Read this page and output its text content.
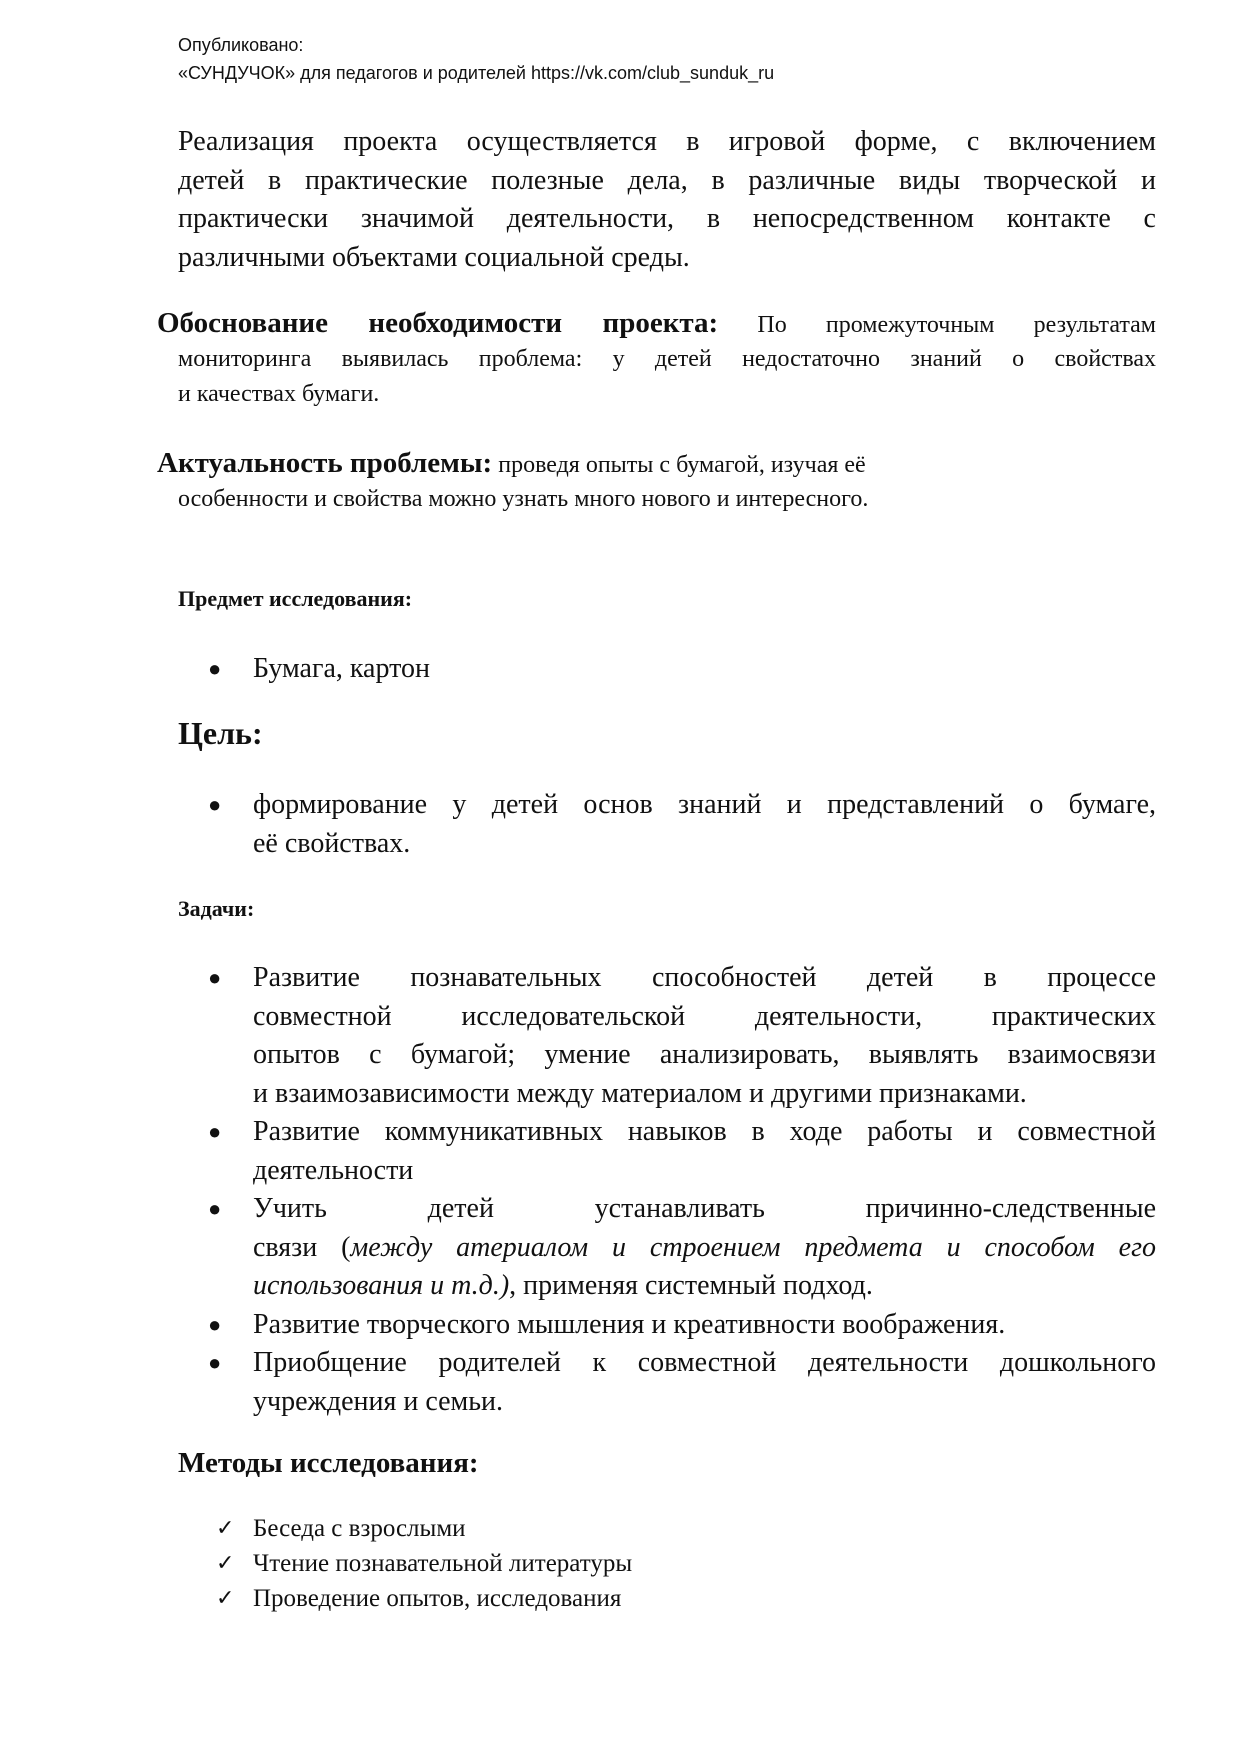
Опубликовано:
«СУНДУЧОК» для педагогов и родителей https://vk.com/club_sunduk_ru
Реализация проекта осуществляется в игровой форме, с включением
детей в практические полезные дела, в различные виды творческой и
практически значимой деятельности, в непосредственном контакте с
различными объектами социальной среды.
Обоснование необходимости проекта: По промежуточным результатам
мониторинга выявилась проблема: у детей недостаточно знаний о свойствах
и качествах бумаги.
Актуальность проблемы: проведя опыты с бумагой, изучая её
особенности и свойства можно узнать много нового и интересного.
Предмет исследования:
● Бумага, картон
Цель:
● формирование у детей основ знаний и представлений о бумаге,
её свойствах.
Задачи:
● Развитие познавательных способностей детей в процессе
совместной исследовательской деятельности, практических
опытов с бумагой; умение анализировать, выявлять взаимосвязи
и взаимозависимости между материалом и другими признаками.
● Развитие коммуникативных навыков в ходе работы и совместной
деятельности
● Учить детей устанавливать причинно-следственные
связи (между атериалом и строением предмета и способом его
использования и т.д.), применяя системный подход.
● Развитие творческого мышления и креативности воображения.
● Приобщение родителей к совместной деятельности дошкольного
учреждения и семьи.
Методы исследования:
✓ Беседа с взрослыми
✓ Чтение познавательной литературы
✓ Проведение опытов, исследования
